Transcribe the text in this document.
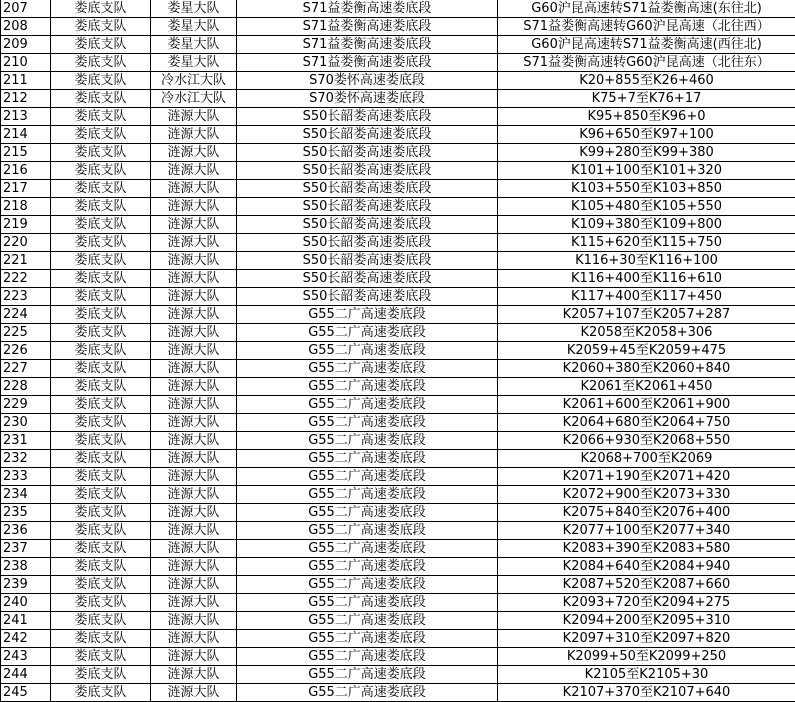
207	娄底支队	娄星大队	S71益娄衡高速娄底段	G60沪昆高速转S71益娄衡高速(东往北)
208	娄底支队	娄星大队	S71益娄衡高速娄底段	S71益娄衡高速转G60沪昆高速（北往西）
209	娄底支队	娄星大队	S71益娄衡高速娄底段	G60沪昆高速转S71益娄衡高速(西往北)
210	娄底支队	娄星大队	S71益娄衡高速娄底段	S71益娄衡高速转G60沪昆高速（北往东）
211	娄底支队	冷水江大队	S70娄怀高速娄底段	K20+855至K26+460
212	娄底支队	冷水江大队	S70娄怀高速娄底段	K75+7至K76+17
213	娄底支队	涟源大队	S50长韶娄高速娄底段	K95+850至K96+0
214	娄底支队	涟源大队	S50长韶娄高速娄底段	K96+650至K97+100
215	娄底支队	涟源大队	S50长韶娄高速娄底段	K99+280至K99+380
216	娄底支队	涟源大队	S50长韶娄高速娄底段	K101+100至K101+320
217	娄底支队	涟源大队	S50长韶娄高速娄底段	K103+550至K103+850
218	娄底支队	涟源大队	S50长韶娄高速娄底段	K105+480至K105+550
219	娄底支队	涟源大队	S50长韶娄高速娄底段	K109+380至K109+800
220	娄底支队	涟源大队	S50长韶娄高速娄底段	K115+620至K115+750
221	娄底支队	涟源大队	S50长韶娄高速娄底段	K116+30至K116+100
222	娄底支队	涟源大队	S50长韶娄高速娄底段	K116+400至K116+610
223	娄底支队	涟源大队	S50长韶娄高速娄底段	K117+400至K117+450
224	娄底支队	涟源大队	G55二广高速娄底段	K2057+107至K2057+287
225	娄底支队	涟源大队	G55二广高速娄底段	K2058至K2058+306
226	娄底支队	涟源大队	G55二广高速娄底段	K2059+45至K2059+475
227	娄底支队	涟源大队	G55二广高速娄底段	K2060+380至K2060+840
228	娄底支队	涟源大队	G55二广高速娄底段	K2061至K2061+450
229	娄底支队	涟源大队	G55二广高速娄底段	K2061+600至K2061+900
230	娄底支队	涟源大队	G55二广高速娄底段	K2064+680至K2064+750
231	娄底支队	涟源大队	G55二广高速娄底段	K2066+930至K2068+550
232	娄底支队	涟源大队	G55二广高速娄底段	K2068+700至K2069
233	娄底支队	涟源大队	G55二广高速娄底段	K2071+190至K2071+420
234	娄底支队	涟源大队	G55二广高速娄底段	K2072+900至K2073+330
235	娄底支队	涟源大队	G55二广高速娄底段	K2075+840至K2076+400
236	娄底支队	涟源大队	G55二广高速娄底段	K2077+100至K2077+340
237	娄底支队	涟源大队	G55二广高速娄底段	K2083+390至K2083+580
238	娄底支队	涟源大队	G55二广高速娄底段	K2084+640至K2084+940
239	娄底支队	涟源大队	G55二广高速娄底段	K2087+520至K2087+660
240	娄底支队	涟源大队	G55二广高速娄底段	K2093+720至K2094+275
241	娄底支队	涟源大队	G55二广高速娄底段	K2094+200至K2095+310
242	娄底支队	涟源大队	G55二广高速娄底段	K2097+310至K2097+820
243	娄底支队	涟源大队	G55二广高速娄底段	K2099+50至K2099+250
244	娄底支队	涟源大队	G55二广高速娄底段	K2105至K2105+30
245	娄底支队	涟源大队	G55二广高速娄底段	K2107+370至K2107+640
